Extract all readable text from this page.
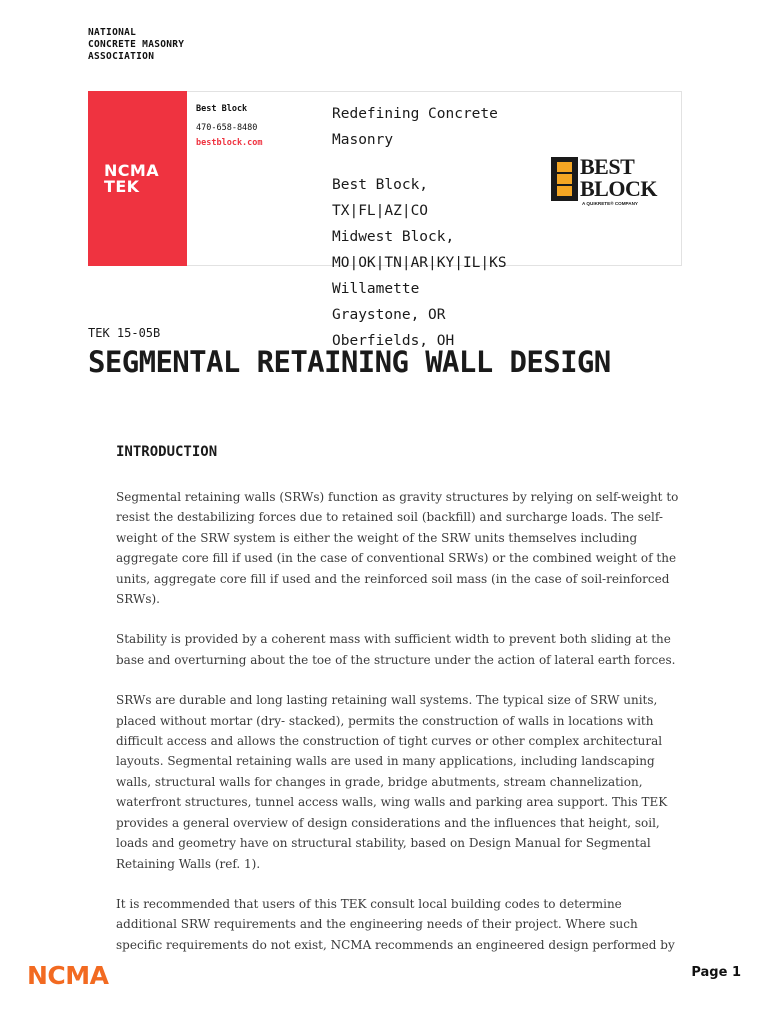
NATIONAL
CONCRETE MASONRY
ASSOCIATION
NCMA
TEK
Best Block
470-658-8480
bestblock.com
Redefining Concrete
Masonry
Best Block,
TX|FL|AZ|CO
Midwest Block,
MO|OK|TN|AR|KY|IL|KS
Willamette
Graystone, OR
Oberfields, OH
BEST
BLOCK
A QUIKRETE® COMPANY
TEK 15-05B
SEGMENTAL RETAINING WALL DESIGN
INTRODUCTION

Segmental retaining walls (SRWs) function as gravity structures by relying on self-weight to resist the destabilizing forces due to retained soil (backfill) and surcharge loads. The self-weight of the SRW system is either the weight of the SRW units themselves including aggregate core fill if used (in the case of conventional SRWs) or the combined weight of the units, aggregate core fill if used and the reinforced soil mass (in the case of soil-reinforced SRWs).

Stability is provided by a coherent mass with sufficient width to prevent both sliding at the base and overturning about the toe of the structure under the action of lateral earth forces.

SRWs are durable and long lasting retaining wall systems. The typical size of SRW units, placed without mortar (dry- stacked), permits the construction of walls in locations with difficult access and allows the construction of tight curves or other complex architectural layouts. Segmental retaining walls are used in many applications, including landscaping walls, structural walls for changes in grade, bridge abutments, stream channelization, waterfront structures, tunnel access walls, wing walls and parking area support. This TEK provides a general overview of design considerations and the influences that height, soil, loads and geometry have on structural stability, based on Design Manual for Segmental Retaining Walls (ref. 1).

It is recommended that users of this TEK consult local building codes to determine additional SRW requirements and the engineering needs of their project. Where such specific requirements do not exist, NCMA recommends an engineered design performed by

NCMA	Page 1
